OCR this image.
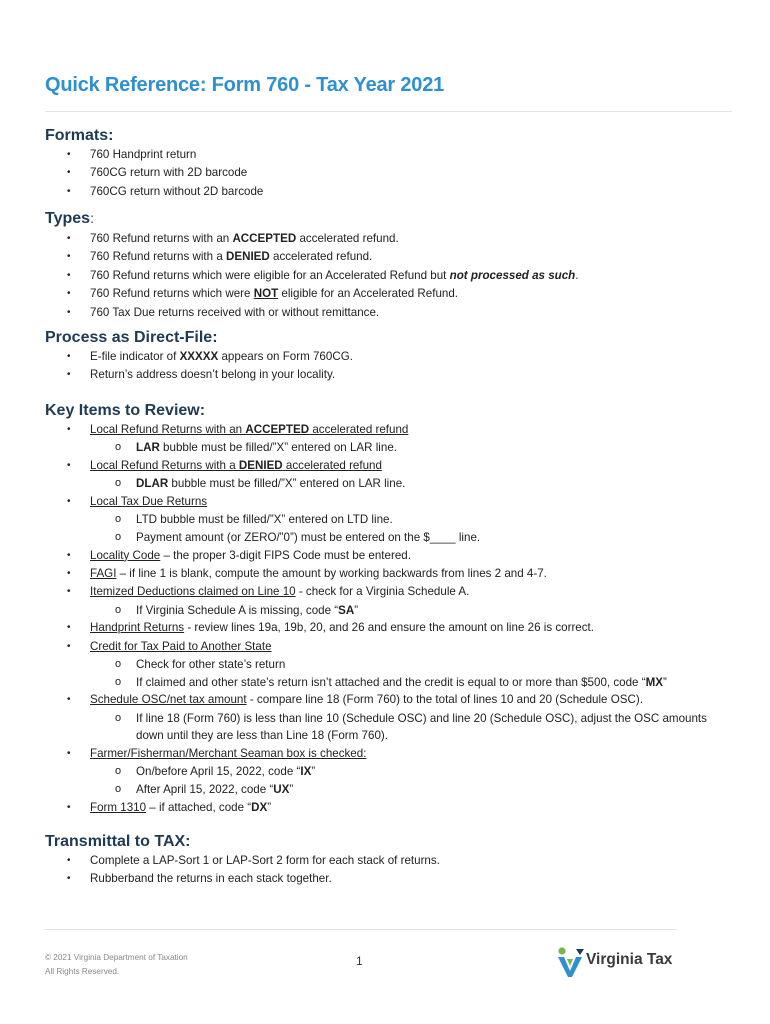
Quick Reference: Form 760 - Tax Year 2021
Formats:
• 760 Handprint return
• 760CG return with 2D barcode
• 760CG return without 2D barcode
Types:
• 760 Refund returns with an ACCEPTED accelerated refund.
• 760 Refund returns with a DENIED accelerated refund.
• 760 Refund returns which were eligible for an Accelerated Refund but not processed as such.
• 760 Refund returns which were NOT eligible for an Accelerated Refund.
• 760 Tax Due returns received with or without remittance.
Process as Direct-File:
• E-file indicator of XXXXX appears on Form 760CG.
• Return’s address doesn’t belong in your locality.
Key Items to Review:
• Local Refund Returns with an ACCEPTED accelerated refund
o LAR bubble must be filled/”X” entered on LAR line.
• Local Refund Returns with a DENIED accelerated refund
o DLAR bubble must be filled/”X” entered on LAR line.
• Local Tax Due Returns
o LTD bubble must be filled/”X” entered on LTD line.
o Payment amount (or ZERO/”0”) must be entered on the $____ line.
• Locality Code – the proper 3-digit FIPS Code must be entered.
• FAGI – if line 1 is blank, compute the amount by working backwards from lines 2 and 4-7.
• Itemized Deductions claimed on Line 10 - check for a Virginia Schedule A.
o If Virginia Schedule A is missing, code “SA”
• Handprint Returns - review lines 19a, 19b, 20, and 26 and ensure the amount on line 26 is correct.
• Credit for Tax Paid to Another State
o Check for other state’s return
o If claimed and other state’s return isn’t attached and the credit is equal to or more than $500, code “MX”
• Schedule OSC/net tax amount - compare line 18 (Form 760) to the total of lines 10 and 20 (Schedule OSC).
o If line 18 (Form 760) is less than line 10 (Schedule OSC) and line 20 (Schedule OSC), adjust the OSC amounts
down until they are less than Line 18 (Form 760).
• Farmer/Fisherman/Merchant Seaman box is checked:
o On/before April 15, 2022, code “IX”
o After April 15, 2022, code “UX”
• Form 1310 – if attached, code “DX”
Transmittal to TAX:
• Complete a LAP-Sort 1 or LAP-Sort 2 form for each stack of returns.
• Rubberband the returns in each stack together.
© 2021 Virginia Department of Taxation
All Rights Reserved.
1	Virginia Tax
